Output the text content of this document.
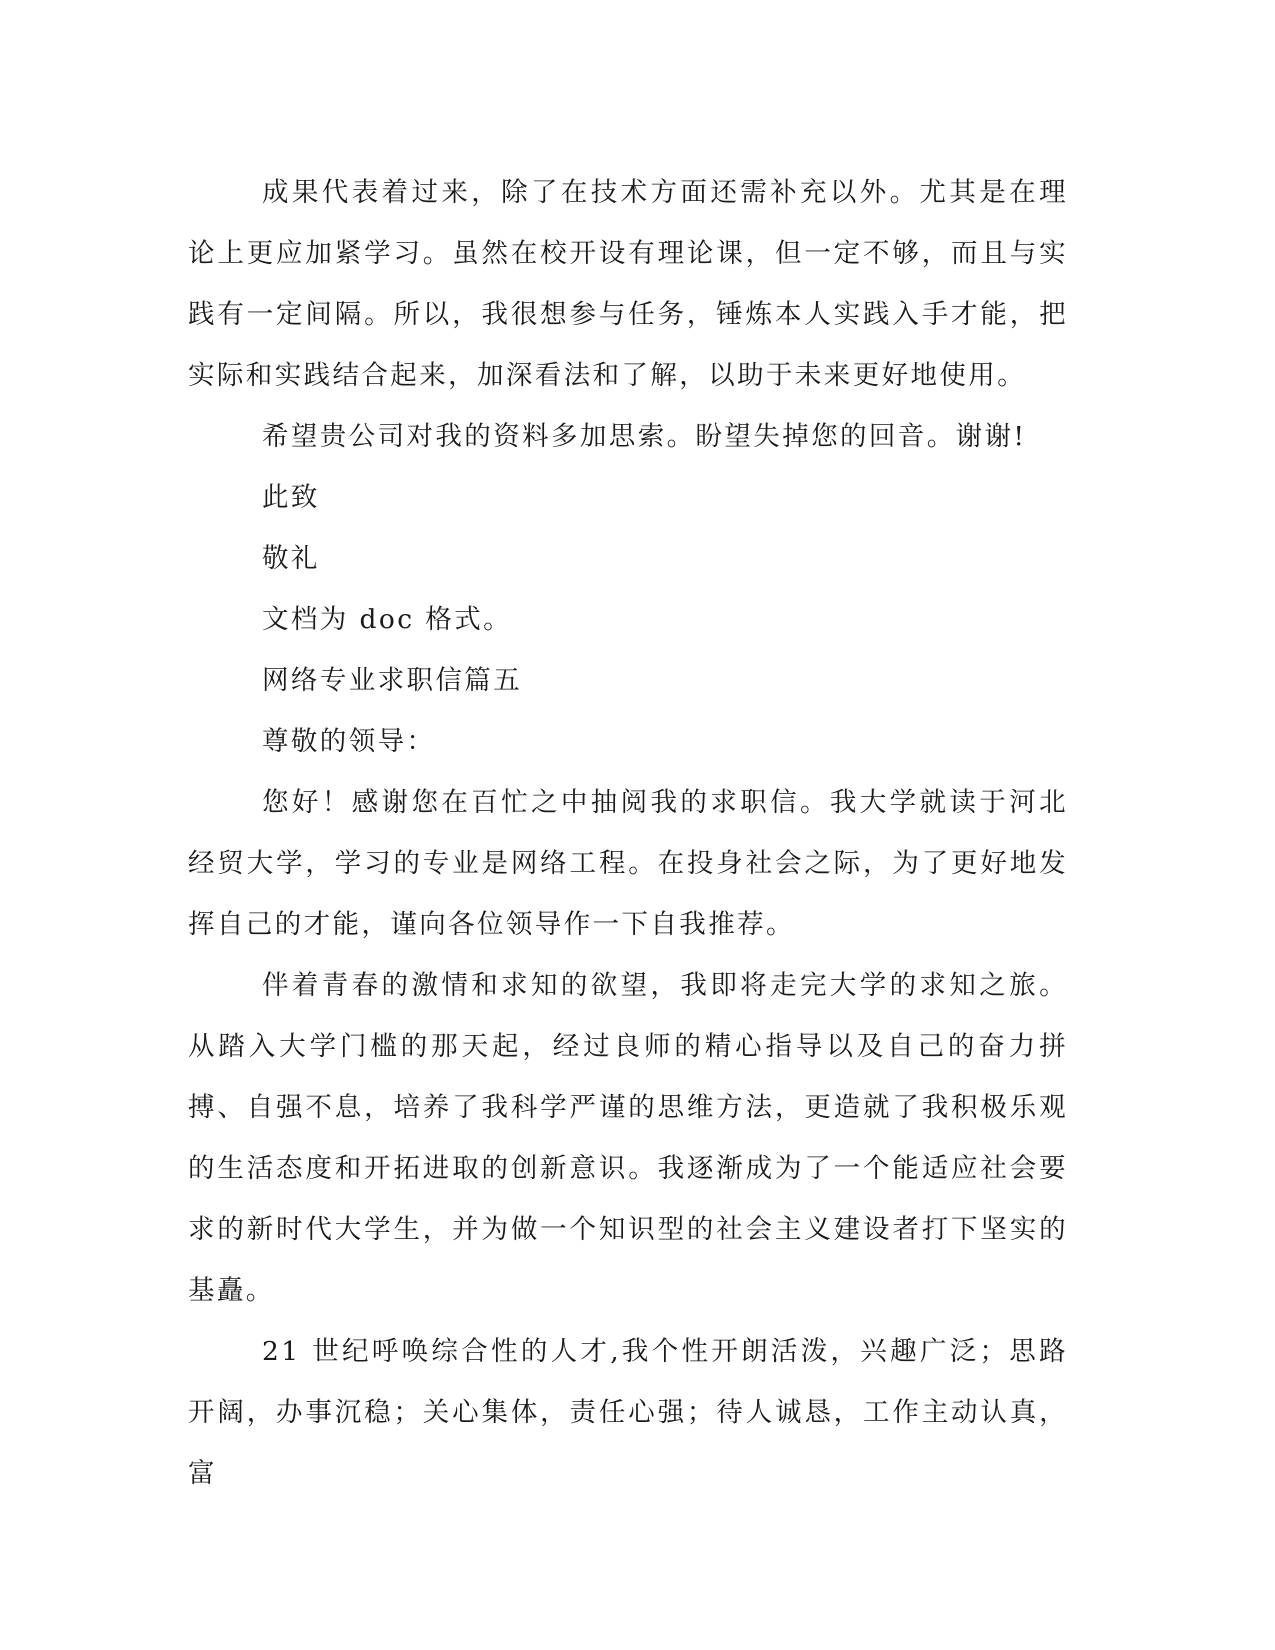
成果代表着过来，除了在技术方面还需补充以外。尤其是在理论上更应加紧学习。虽然在校开设有理论课，但一定不够，而且与实践有一定间隔。所以，我很想参与任务，锤炼本人实践入手才能，把实际和实践结合起来，加深看法和了解，以助于未来更好地使用。

希望贵公司对我的资料多加思索。盼望失掉您的回音。谢谢!

此致

敬礼

文档为 doc 格式。

网络专业求职信篇五

尊敬的领导：

您好！感谢您在百忙之中抽阅我的求职信。我大学就读于河北经贸大学，学习的专业是网络工程。在投身社会之际，为了更好地发挥自己的才能，谨向各位领导作一下自我推荐。

伴着青春的激情和求知的欲望，我即将走完大学的求知之旅。从踏入大学门槛的那天起，经过良师的精心指导以及自己的奋力拼搏、自强不息，培养了我科学严谨的思维方法，更造就了我积极乐观的生活态度和开拓进取的创新意识。我逐渐成为了一个能适应社会要求的新时代大学生，并为做一个知识型的社会主义建设者打下坚实的基矗。

21 世纪呼唤综合性的人才,我个性开朗活泼，兴趣广泛；思路开阔，办事沉稳；关心集体，责任心强；待人诚恳，工作主动认真，富
